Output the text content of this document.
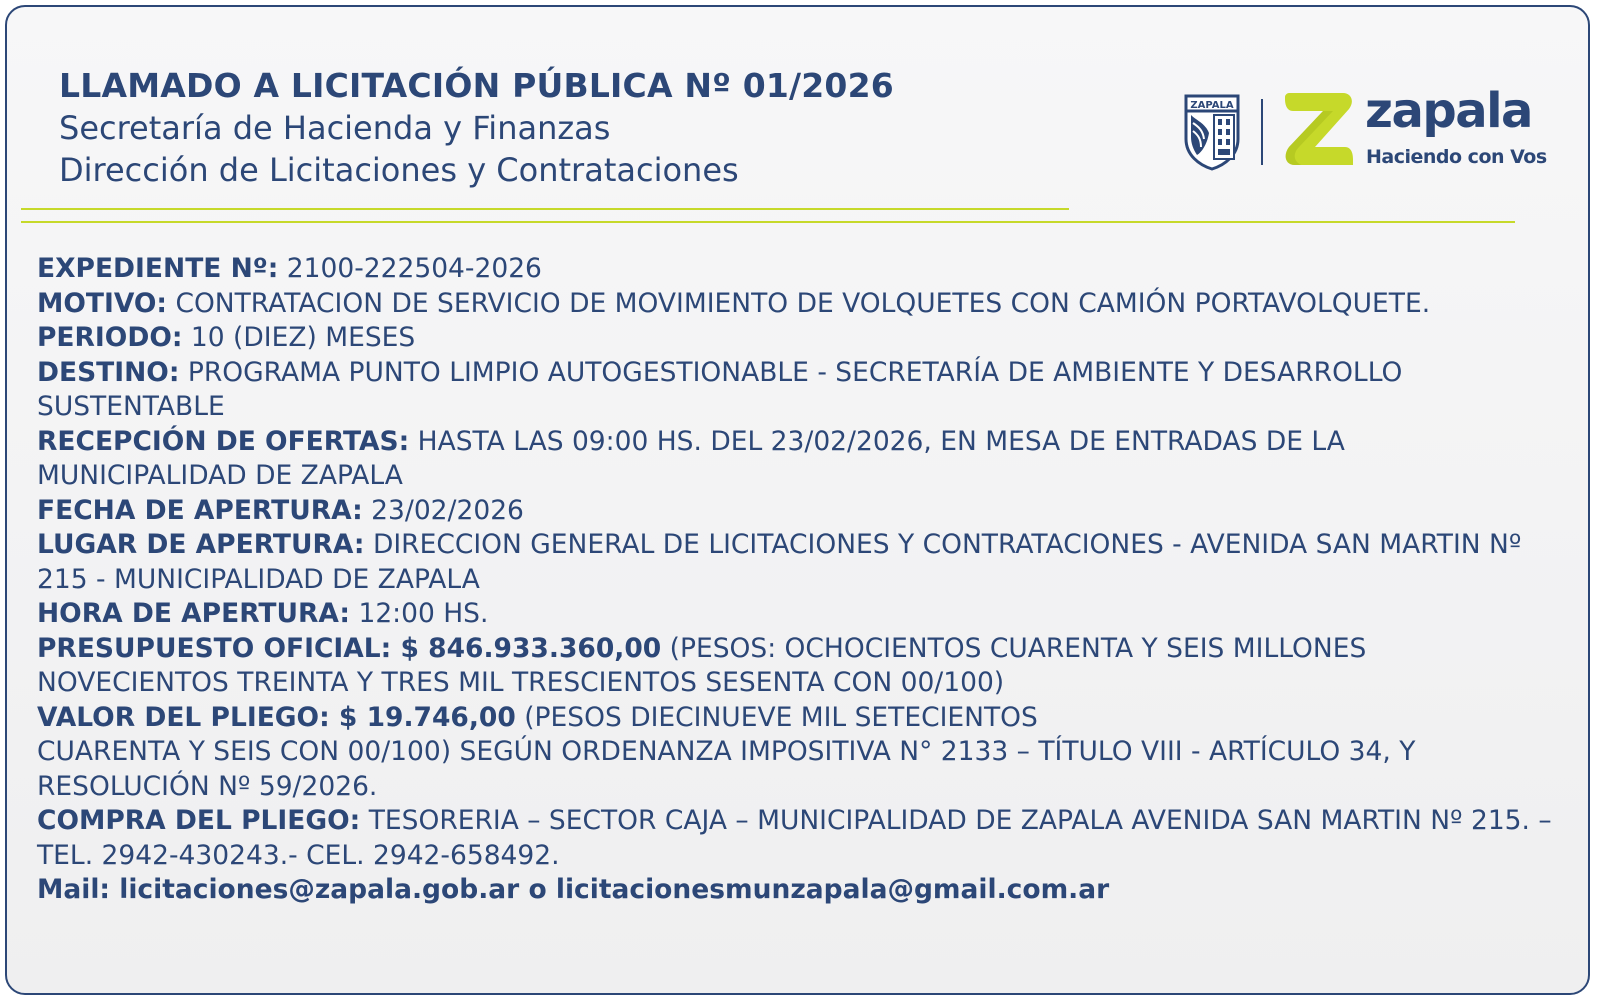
LLAMADO A LICITACIÓN PÚBLICA Nº 01/2026
Secretaría de Hacienda y Finanzas
Dirección de Licitaciones y Contrataciones
ZAPALA	zapala
Haciendo con Vos

EXPEDIENTE Nº: 2100-222504-2026

MOTIVO: CONTRATACION DE SERVICIO DE MOVIMIENTO DE VOLQUETES CON CAMIÓN PORTAVOLQUETE.

PERIODO: 10 (DIEZ) MESES

DESTINO: PROGRAMA PUNTO LIMPIO AUTOGESTIONABLE - SECRETARÍA DE AMBIENTE Y DESARROLLO SUSTENTABLE

RECEPCIÓN DE OFERTAS: HASTA LAS 09:00 HS. DEL 23/02/2026, EN MESA DE ENTRADAS DE LA MUNICIPALIDAD DE ZAPALA

FECHA DE APERTURA: 23/02/2026

LUGAR DE APERTURA: DIRECCION GENERAL DE LICITACIONES Y CONTRATACIONES - AVENIDA SAN MARTIN Nº 215 - MUNICIPALIDAD DE ZAPALA

HORA DE APERTURA: 12:00 HS.

PRESUPUESTO OFICIAL: $ 846.933.360,00 (PESOS: OCHOCIENTOS CUARENTA Y SEIS MILLONES NOVECIENTOS TREINTA Y TRES MIL TRESCIENTOS SESENTA CON 00/100)

VALOR DEL PLIEGO: $ 19.746,00 (PESOS DIECINUEVE MIL SETECIENTOS
CUARENTA Y SEIS CON 00/100) SEGÚN ORDENANZA IMPOSITIVA N° 2133 – TÍTULO VIII - ARTÍCULO 34, Y RESOLUCIÓN Nº 59/2026.

COMPRA DEL PLIEGO: TESORERIA – SECTOR CAJA – MUNICIPALIDAD DE ZAPALA AVENIDA SAN MARTIN Nº 215. – TEL. 2942-430243.- CEL. 2942-658492.

Mail: licitaciones@zapala.gob.ar o licitacionesmunzapala@gmail.com.ar
